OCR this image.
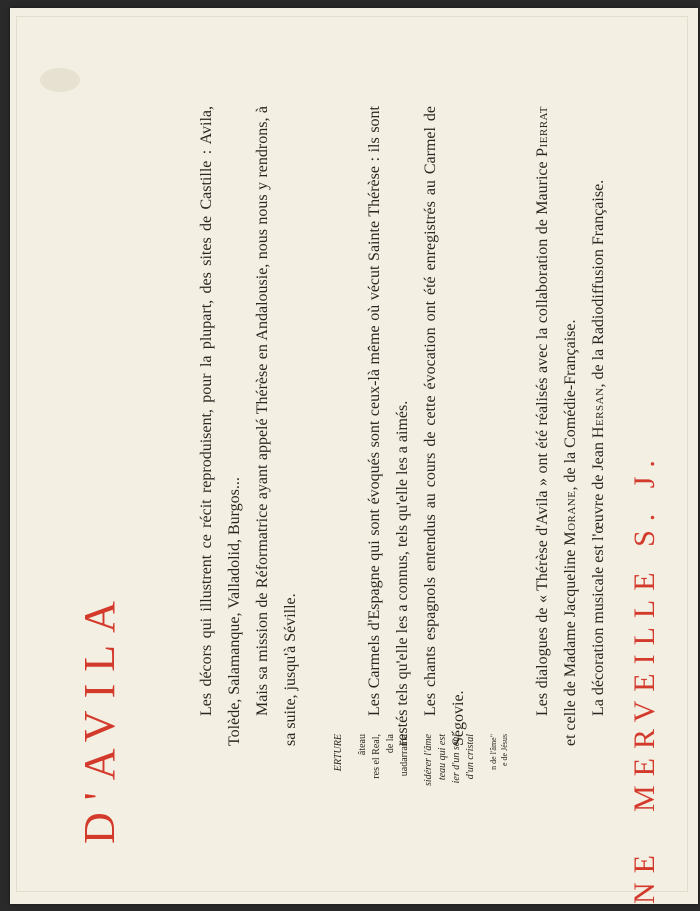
D'AVILA	ERTURE âteau res el Real, de la uadarrama sidérer l'âme teau qui est ier d'un seul d'un cristal n de l'âme" e de Jésus

Les décors qui illustrent ce récit reproduisent, pour la plupart, des sites de Castille : Avila, Tolède, Salamanque, Valladolid, Burgos... Mais sa mission de Réformatrice ayant appelé Thérèse en Andalousie, nous nous y rendrons, à sa suite, jusqu'à Séville.	Les Carmels d'Espagne qui sont évoqués sont ceux-là même où vécut Sainte Thérèse : ils sont restés tels qu'elle les a connus, tels qu'elle les a aimés. Les chants espagnols entendus au cours de cette évocation ont été enregistrés au Carmel de Ségovie.

Les dialogues de « Thérèse d'Avila » ont été réalisés avec la collaboration de Maurice Pierrat et celle de Madame Jacqueline Morane, de la Comédie-Française.

La décoration musicale est l'œuvre de Jean Hersan, de la Radiodiffusion Française.

NEMERVEILLE S. J.
